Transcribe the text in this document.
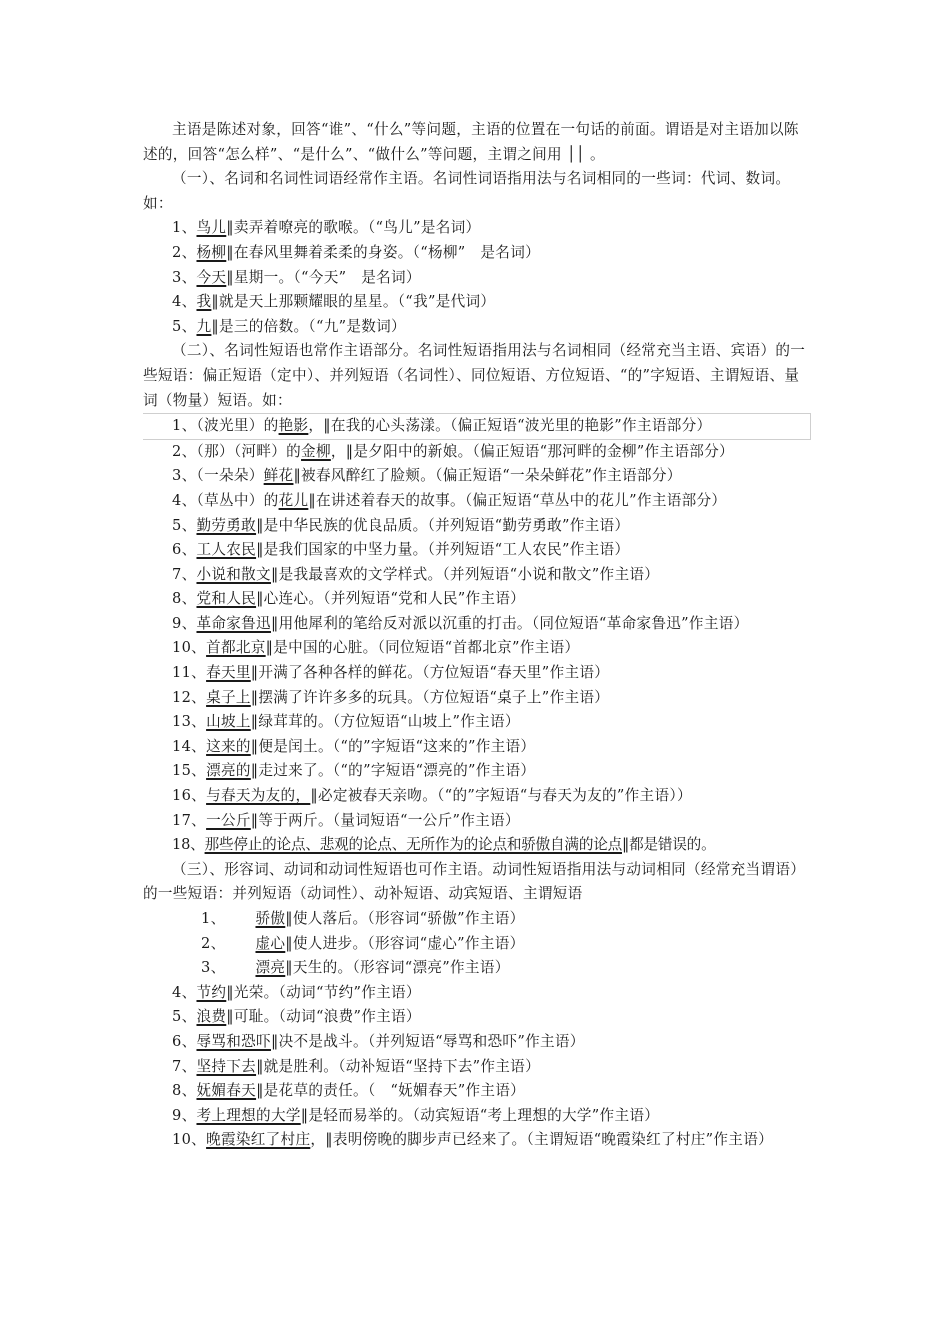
主语是陈述对象，回答“谁”、“什么”等问题，主语的位置在一句话的前面。谓语是对主语加以陈述的，回答“怎么样”、“是什么”、“做什么”等问题，主谓之间用 ││ 。

（一）、名词和名词性词语经常作主语。名词性词语指用法与名词相同的一些词：代词、数词。如：

1、鸟儿‖卖弄着嘹亮的歌喉。（“鸟儿”是名词）

2、杨柳‖在春风里舞着柔柔的身姿。（“杨柳”　是名词）

3、今天‖星期一。（“今天”　是名词）

4、我‖就是天上那颗耀眼的星星。（“我”是代词）

5、九‖是三的倍数。（“九”是数词）

（二）、名词性短语也常作主语部分。名词性短语指用法与名词相同（经常充当主语、宾语）的一些短语：偏正短语（定中）、并列短语（名词性）、同位短语、方位短语、“的”字短语、主谓短语、量词（物量）短语。如：

1、（波光里）的艳影，‖在我的心头荡漾。（偏正短语“波光里的艳影”作主语部分）

2、（那）（河畔）的金柳，‖是夕阳中的新娘。（偏正短语“那河畔的金柳”作主语部分）

3、（一朵朵）鲜花‖被春风醉红了脸颊。（偏正短语“一朵朵鲜花”作主语部分）

4、（草丛中）的花儿‖在讲述着春天的故事。（偏正短语“草丛中的花儿”作主语部分）

5、勤劳勇敢‖是中华民族的优良品质。（并列短语“勤劳勇敢”作主语）

6、工人农民‖是我们国家的中坚力量。（并列短语“工人农民”作主语）

7、小说和散文‖是我最喜欢的文学样式。（并列短语“小说和散文”作主语）

8、党和人民‖心连心。（并列短语“党和人民”作主语）

9、革命家鲁迅‖用他犀利的笔给反对派以沉重的打击。（同位短语“革命家鲁迅”作主语）

10、首都北京‖是中国的心脏。（同位短语“首都北京”作主语）

11、春天里‖开满了各种各样的鲜花。（方位短语“春天里”作主语）

12、桌子上‖摆满了许许多多的玩具。（方位短语“桌子上”作主语）

13、山坡上‖绿茸茸的。（方位短语“山坡上”作主语）

14、这来的‖便是闰土。（“的”字短语“这来的”作主语）

15、漂亮的‖走过来了。（“的”字短语“漂亮的”作主语）

16、与春天为友的，‖必定被春天亲吻。（“的”字短语“与春天为友的”作主语））

17、一公斤‖等于两斤。（量词短语“一公斤”作主语）

18、那些停止的论点、悲观的论点、无所作为的论点和骄傲自满的论点‖都是错误的。

（三）、形容词、动词和动词性短语也可作主语。动词性短语指用法与动词相同（经常充当谓语）的一些短语：并列短语（动词性）、动补短语、动宾短语、主谓短语

1、 骄傲‖使人落后。（形容词“骄傲”作主语）

2、 虚心‖使人进步。（形容词“虚心”作主语）

3、 漂亮‖天生的。（形容词“漂亮”作主语）

4、节约‖光荣。（动词“节约”作主语）

5、浪费‖可耻。（动词“浪费”作主语）

6、辱骂和恐吓‖决不是战斗。（并列短语“辱骂和恐吓”作主语）

7、坚持下去‖就是胜利。（动补短语“坚持下去”作主语）

8、妩媚春天‖是花草的责任。（　“妩媚春天”作主语）

9、考上理想的大学‖是轻而易举的。（动宾短语“考上理想的大学”作主语）

10、晚霞染红了村庄，‖表明傍晚的脚步声已经来了。（主谓短语“晚霞染红了村庄”作主语）
